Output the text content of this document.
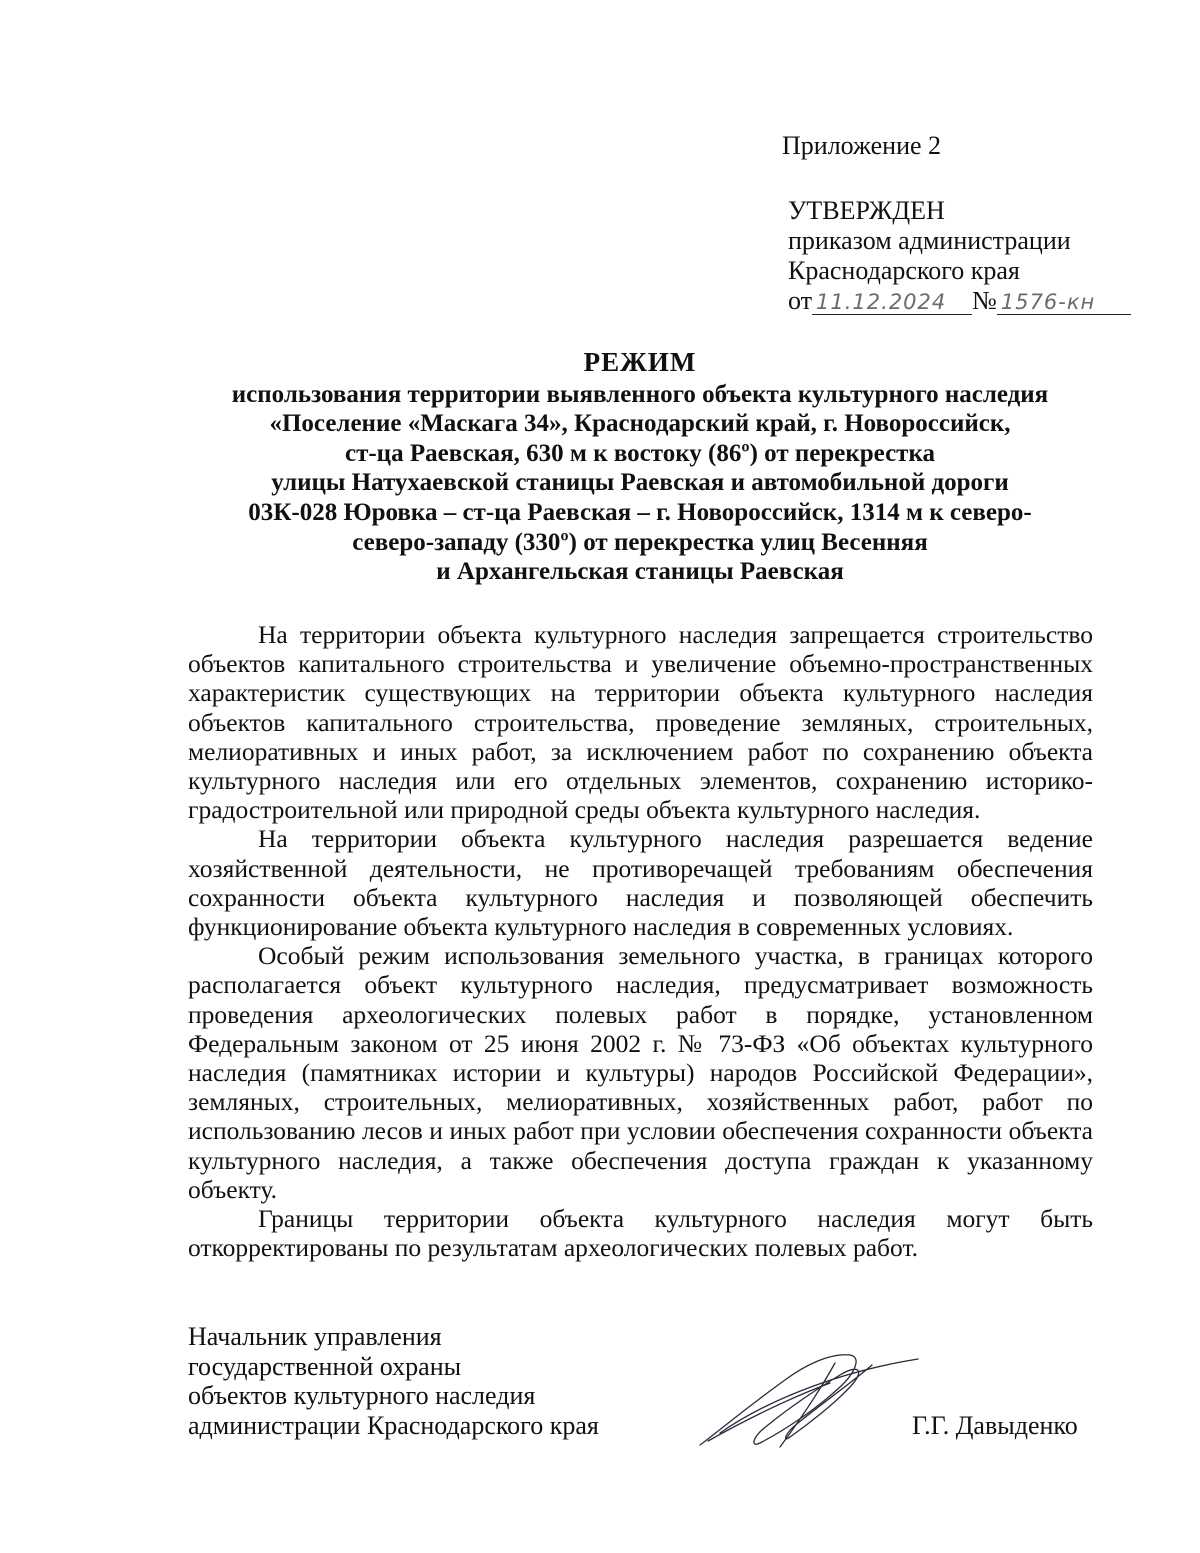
Приложение 2
УТВЕРЖДЕН
приказом администрации
Краснодарского края
от 11.12.2024 № 1576-кн
РЕЖИМ
использования территории выявленного объекта культурного наследия
«Поселение «Маскага 34», Краснодарский край, г. Новороссийск,
ст-ца Раевская, 630 м к востоку (86º) от перекрестка
улицы Натухаевской станицы Раевская и автомобильной дороги
03К-028 Юровка – ст-ца Раевская – г. Новороссийск, 1314 м к северо-
северо-западу (330º) от перекрестка улиц Весенняя
и Архангельская станицы Раевская

На территории объекта культурного наследия запрещается строительство объектов капитального строительства и увеличение объемно-пространственных характеристик существующих на территории объекта культурного наследия объектов капитального строительства, проведение земляных, строительных, мелиоративных и иных работ, за исключением работ по сохранению объекта культурного наследия или его отдельных элементов, сохранению историко-градостроительной или природной среды объекта культурного наследия.

На территории объекта культурного наследия разрешается ведение хозяйственной деятельности, не противоречащей требованиям обеспечения сохранности объекта культурного наследия и позволяющей обеспечить функционирование объекта культурного наследия в современных условиях.

Особый режим использования земельного участка, в границах которого располагается объект культурного наследия, предусматривает возможность проведения археологических полевых работ в порядке, установленном Федеральным законом от 25 июня 2002 г. № 73-ФЗ «Об объектах культурного наследия (памятниках истории и культуры) народов Российской Федерации», земляных, строительных, мелиоративных, хозяйственных работ, работ по использованию лесов и иных работ при условии обеспечения сохранности объекта культурного наследия, а также обеспечения доступа граждан к указанному объекту.

Границы территории объекта культурного наследия могут быть откорректированы по результатам археологических полевых работ.

Начальник управления
государственной охраны
объектов культурного наследия
администрации Краснодарского края	Г.Г. Давыденко
